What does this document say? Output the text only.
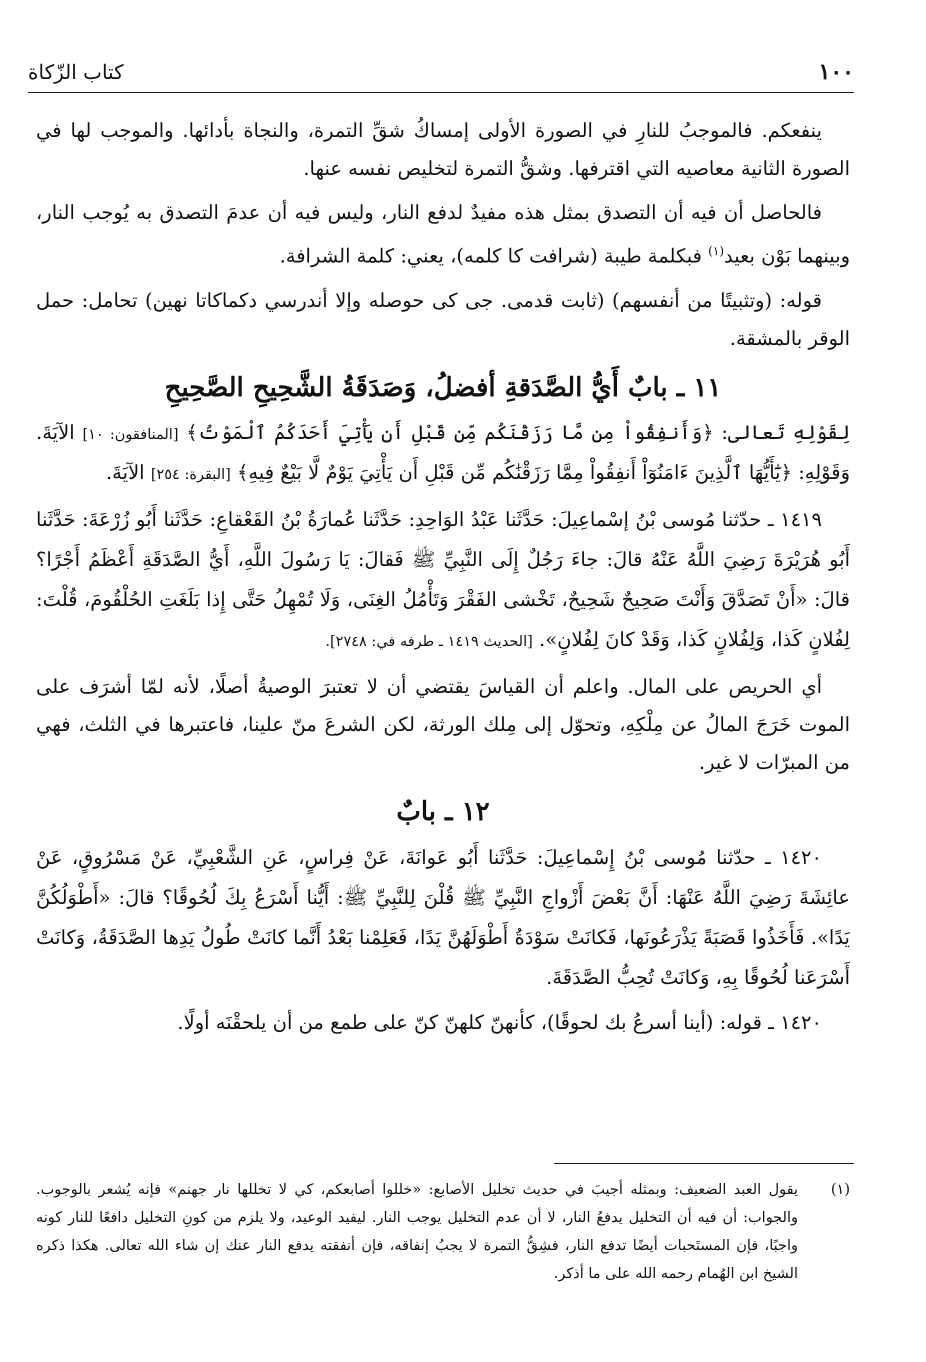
١٠٠
كتاب الزّكاة

ينفعكم. فالموجبُ للنارِ في الصورة الأولى إمساكُ شقِّ التمرة، والنجاة بأدائها. والموجب لها في الصورة الثانية معاصيه التي اقترفها. وشقُّ التمرة لتخليص نفسه عنها.

فالحاصل أن فيه أن التصدق بمثل هذه مفيدٌ لدفع النار، وليس فيه أن عدمَ التصدق به يُوجب النار، وبينهما بَوْن بعيد$^{(١)}$ فبكلمة طيبة (شرافت كا كلمه)، يعني: كلمة الشرافة.

قوله: (وتثبيتًا من أنفسهم) (ثابت قدمى. جى كى حوصله وإلا أندرسي دكماكاتا نهين) تحامل: حمل الوقر بالمشقة.

١١ ـ بابٌ أَيُّ الصَّدَقةِ أفضلُ، وَصَدَقَةُ الشَّحِيحِ الصَّحِيحِ

لِقَوْلِهِ تَعالى: ﴿وَأَنفِقُواْ مِن مَّا رَزَقْنَكُم مِّن قَبْلِ أَن يَأْتِيَ أَحَدَكُمُ ٱلْمَوْتُ﴾ [المنافقون: ١٠] الآيَةَ. وَقَوْلِهِ: ﴿يَٰٓأَيُّهَا ٱلَّذِينَ ءَامَنُوٓاْ أَنفِقُواْ مِمَّا رَزَقْنَٰكُم مِّن قَبْلِ أَن يَأْتِيَ يَوْمٌ لَّا بَيْعٌ فِيهِ﴾ [البقرة: ٢٥٤] الآيَةَ.

١٤١٩ ـ حدّثنا مُوسى بْنُ إسْماعِيلَ: حَدَّثَنا عَبْدُ الوَاحِدِ: حَدَّثَنا عُمارَةُ بْنُ القَعْقاعِ: حَدَّثَنا أَبُو زُرْعَةَ: حَدَّثَنا أَبُو هُرَيْرَةَ رَضِيَ اللَّهُ عَنْهُ قالَ: جاءَ رَجُلٌ إِلَى النَّبِيِّ ﷺ فَقالَ: يَا رَسُولَ اللَّهِ، أَيُّ الصَّدَقَةِ أَعْظَمُ أَجْرًا؟ قالَ: «أَنْ تَصَدَّقَ وَأَنْتَ صَحِيحٌ شَحِيحٌ، تَخْشى الفَقْرَ وَتَأْمُلُ الغِنَى، وَلَا تُمْهِلُ حَتَّى إِذا بَلَغَتِ الحُلْقُومَ، قُلْتَ: لِفُلانٍ كَذا، وَلِفُلانٍ كَذا، وَقَدْ كانَ لِفُلانٍ». [الحديث ١٤١٩ ـ طرفه في: ٢٧٤٨].

أي الحريص على المال. واعلم أن القياسَ يقتضي أن لا تعتبرَ الوصيةُ أصلًا، لأنه لمّا أشرَف على الموت خَرَجَ المالُ عن مِلْكِهِ، وتحوّل إلى مِلك الورثة، لكن الشرعَ منّ علينا، فاعتبرها في الثلث، فهي من المبرّات لا غير.

١٢ ـ بابٌ

١٤٢٠ ـ حدّثنا مُوسى بْنُ إِسْماعِيلَ: حَدَّثَنا أَبُو عَوانَةَ، عَنْ فِراسٍ، عَنِ الشَّعْبِيِّ، عَنْ مَسْرُوقٍ، عَنْ عائِشَةَ رَضِيَ اللَّهُ عَنْهَا: أَنَّ بَعْضَ أَزْواجِ النَّبِيِّ ﷺ قُلْنَ لِلنَّبِيِّ ﷺ: أَيُّنا أَسْرَعُ بِكَ لُحُوقًا؟ قالَ: «أَطْوَلُكُنَّ يَدًا». فَأَخَذُوا قَصَبَةً يَذْرَعُونَها، فَكانَتْ سَوْدَةُ أَطْوَلَهُنَّ يَدًا، فَعَلِمْنا بَعْدُ أَنَّما كانَتْ طُولُ يَدِها الصَّدَقَةُ، وَكانَتْ أَسْرَعَنا لُحُوقًا بِهِ، وَكانَتْ تُحِبُّ الصَّدَقَةَ.

١٤٢٠ ـ قوله: (أينا أسرعُ بك لحوقًا)، كأنهنّ كلهنّ كنّ على طمع من أن يلحقْنَه أولًا.

(١)
يقول العبد الضعيف: وبمثله أجيبَ في حديث تخليل الأصابع: «خللوا أصابعكم، كي لا تخللها نار جهنم» فإنه يُشعر بالوجوب. والجواب: أن فيه أن التخليل يدفعُ النار، لا أن عدم التخليل يوجب النار. ليفيد الوعيد، ولا يلزم من كونِ التخليل دافعًا للنار كونه واجبًا، فإن المستَحبات أيضًا تدفع النار، فشِقُّ التمرة لا يجبُ إنفاقه، فإن أنفقته يدفع النار عنك إن شاء الله تعالى. هكذا ذكره الشيخ ابن الهُمام رحمه الله على ما أذكر.
